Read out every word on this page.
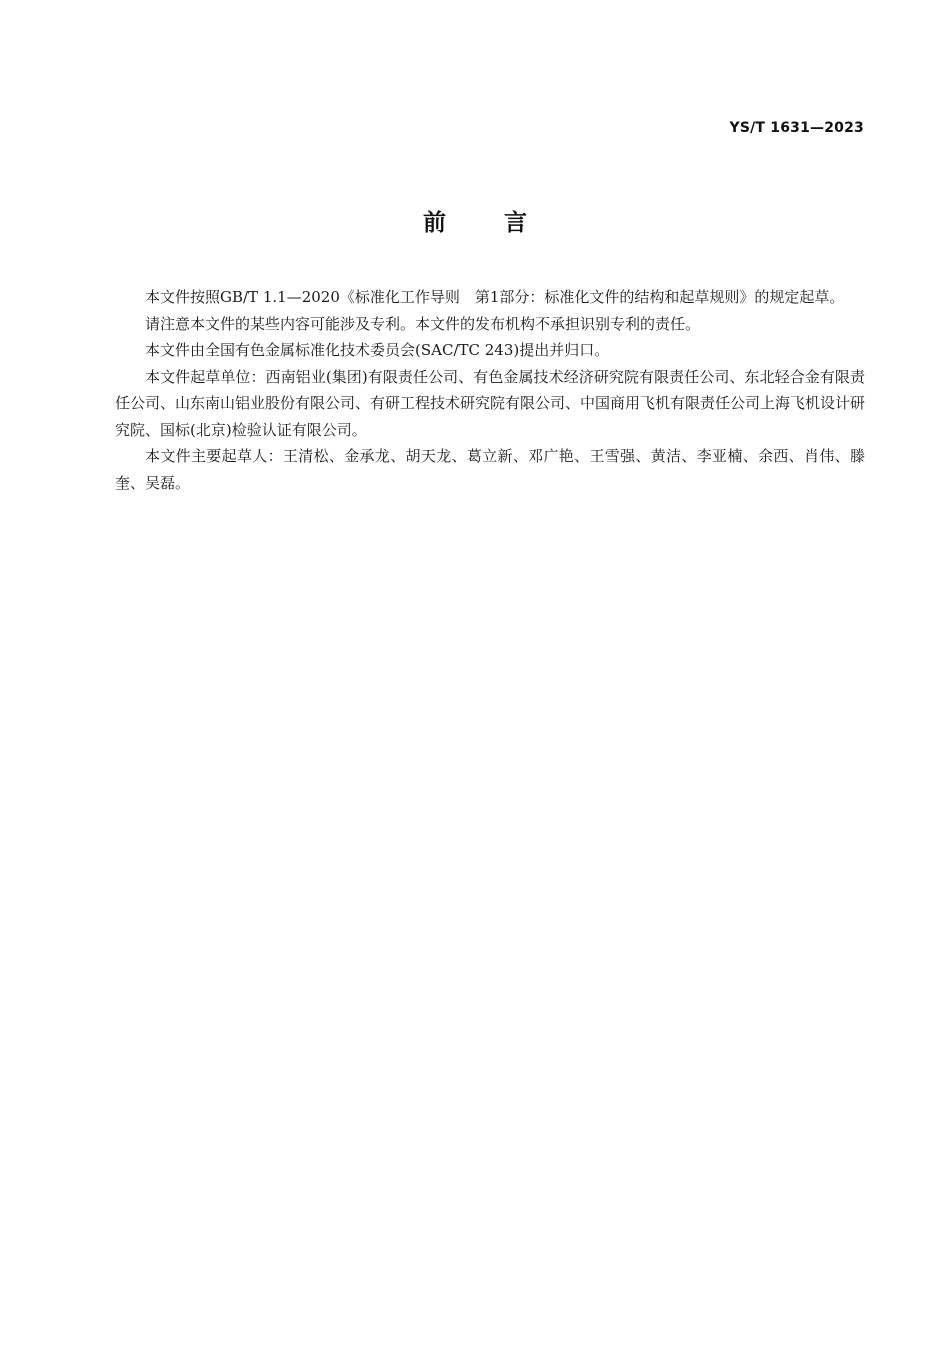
YS/T 1631—2023
前言

本文件按照GB/T 1.1—2020《标准化工作导则　第1部分：标准化文件的结构和起草规则》的规定起草。

请注意本文件的某些内容可能涉及专利。本文件的发布机构不承担识别专利的责任。

本文件由全国有色金属标准化技术委员会(SAC/TC 243)提出并归口。

本文件起草单位：西南铝业(集团)有限责任公司、有色金属技术经济研究院有限责任公司、东北轻合金有限责任公司、山东南山铝业股份有限公司、有研工程技术研究院有限公司、中国商用飞机有限责任公司上海飞机设计研究院、国标(北京)检验认证有限公司。

本文件主要起草人：王清松、金承龙、胡天龙、葛立新、邓广艳、王雪强、黄洁、李亚楠、余西、肖伟、滕奎、吴磊。
